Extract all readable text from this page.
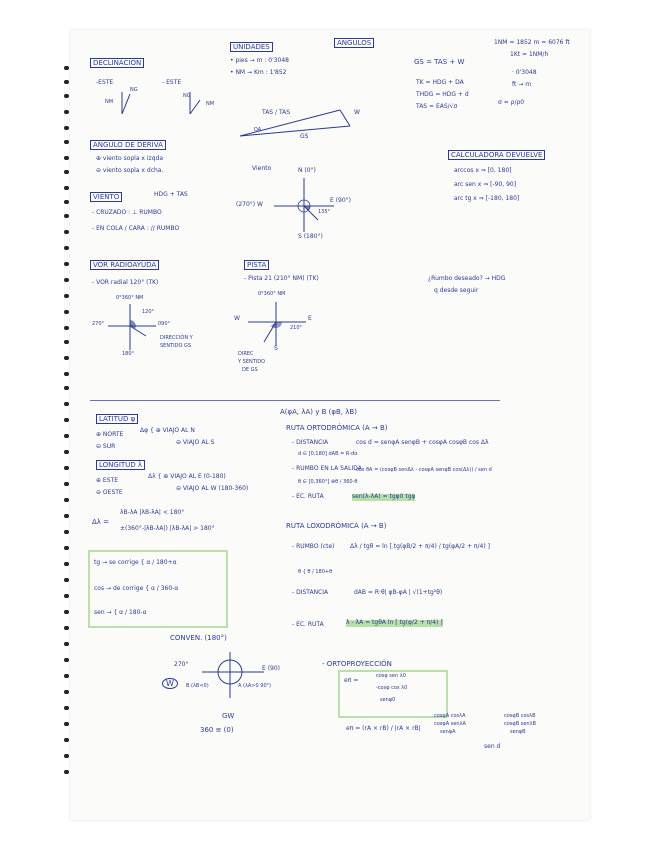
DECLINACION
-ESTE	- ESTE
NM
NG
NG
NM
UNIDADES
• pies → m : 0'3048
• NM → Km : 1'852
ANGULOS
GS = TAS + W
TK = HDG + DA
THDG = HDG + d
TAS = EAS/√σ
σ = ρ/ρ0
1NM = 1852 m = 6076 ft
1Kt = 1NM/h
· 0'3048
ft → m
TAS / TAS
GS
W
DA
ANGULO DE DERIVA
⊕ viento sopla x izqda
⊖ viento sopla x dcha.
VIENTO	HDG + TAS
- CRUZADO : ⊥ RUMBO
- EN COLA / CARA : // RUMBO
Viento	N (0°)
E (90°)
S (180°)
(270°) W
135°
CALCULADORA DEVUELVE
arccos x ⇒ [0, 180]
arc sen x ⇒ [-90, 90]
arc tg x ⇒ [-180, 180]
VOR RADIOAYUDA
- VOR radial 120° (TK)
0°360° NM
120°
270°	090°
180°
DIRECCIÓN Y
SENTIDO GS
PISTA
- Pista 21 (210° NM) (TK)
0°360° NM
W	E
S
210°
DIREC
Y SENTIDO
DE GS
¿Rumbo deseado? → HDG
q desde seguir
A(φA, λA) y B (φB, λB)
LATITUD φ
⊕ NORTE
⊖ SUR
Δφ { ⊕ VIAJO AL N
⊖ VIAJO AL S
LONGITUD λ
⊕ ESTE
⊖ OESTE
Δλ { ⊕ VIAJO AL E (0-180)
⊖ VIAJO AL W (180-360)
Δλ =
λB-λA |λB-λA| < 180°
±(360°-|λB-λA|) |λB-λA| > 180°
tg → se corrige { α / 180+α
cos → de corrige { α / 360-α
sen → { α / 180-α
CONVEN. (180°)
270°
E (90)
GW
360 ≡ (0)
W	B (λB<0)	A (λA>0 90°)
RUTA ORTODRÓMICA (A → B)
- DISTANCIA	cos d = senφA senφB + cosφA cosφB cos Δλ
d ∈ [0,180] dAB = R·dα
- RUMBO EN LA SALIDA
cos θA = (cosφB senΔλ - cosφA senφB cos(Δλ)) / sen d
θ ∈ [0,360°] ⊕θ / 360-θ
- EC. RUTA	sen(λ-λA) = tgφ0 tgφ
RUTA LOXODRÓMICA (A → B)
- RUMBO (cte)	Δλ / tgθ = ln [ tg(φB/2 + π/4) / tg(φA/2 + π/4) ]
θ { θ / 180+θ
- DISTANCIA	dAB = R·θ| φB-φA | √(1+tg²θ)
- EC. RUTA	λ - λA = tgθA ln [ tg(φ/2 + π/4) ]
- ORTOPROYECCIÓN
eπ =
cosφ sen λ0
-cosφ cos λ0
senφ0
eπ = (rA × rB) / |rA × rB|
cosφA cosλA
cosφA senλA
senφA
cosφB cosλB
cosφB senλB
senφB
sen d
